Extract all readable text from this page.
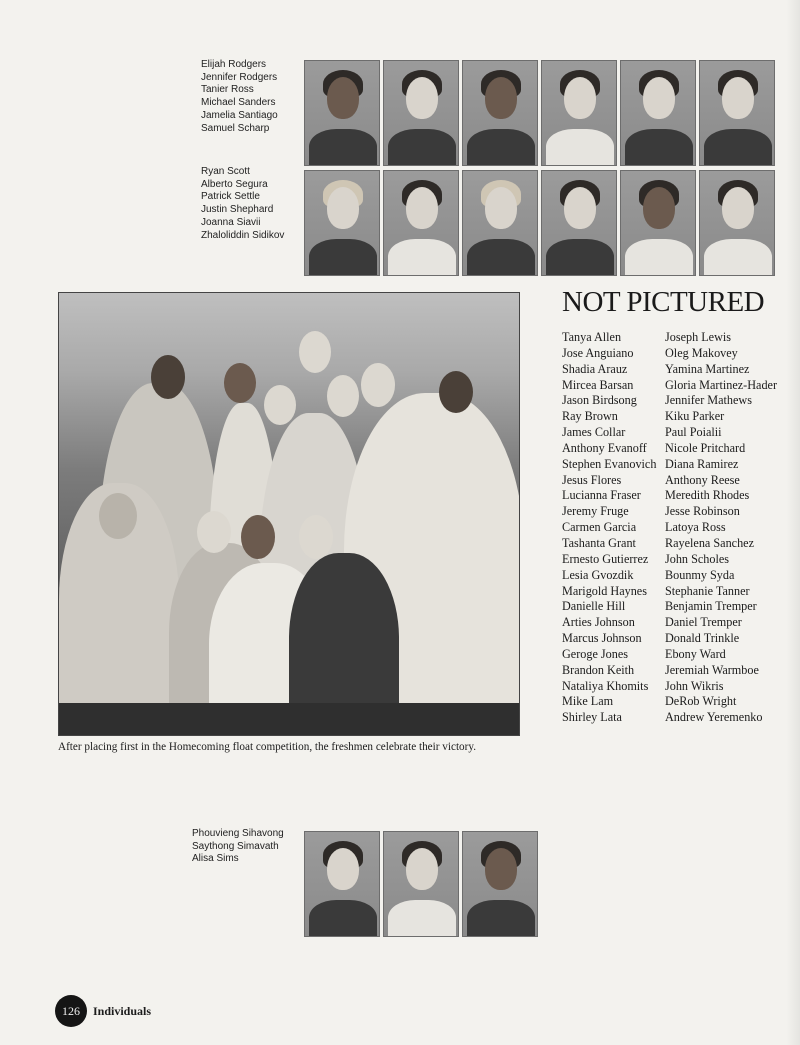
Elijah Rodgers
Jennifer Rodgers
Tanier Ross
Michael Sanders
Jamelia Santiago
Samuel Scharp
Ryan Scott
Alberto Segura
Patrick Settle
Justin Shephard
Joanna Siavii
Zhaloliddin Sidikov
After placing first in the Homecoming float competition, the freshmen celebrate their victory.
NOT PICTURED
Tanya Allen
Jose Anguiano
Shadia Arauz
Mircea Barsan
Jason Birdsong
Ray Brown
James Collar
Anthony Evanoff
Stephen Evanovich
Jesus Flores
Lucianna Fraser
Jeremy Fruge
Carmen Garcia
Tashanta Grant
Ernesto Gutierrez
Lesia Gvozdik
Marigold Haynes
Danielle Hill
Arties Johnson
Marcus Johnson
Geroge Jones
Brandon Keith
Nataliya Khomits
Mike Lam
Shirley Lata
Joseph Lewis
Oleg Makovey
Yamina Martinez
Gloria Martinez-Hader
Jennifer Mathews
Kiku Parker
Paul Poialii
Nicole Pritchard
Diana Ramirez
Anthony Reese
Meredith Rhodes
Jesse Robinson
Latoya Ross
Rayelena Sanchez
John Scholes
Bounmy Syda
Stephanie Tanner
Benjamin Tremper
Daniel Tremper
Donald Trinkle
Ebony Ward
Jeremiah Warmboe
John Wikris
DeRob Wright
Andrew Yeremenko
Phouvieng Sihavong
Saythong Simavath
Alisa Sims
126	Individuals
